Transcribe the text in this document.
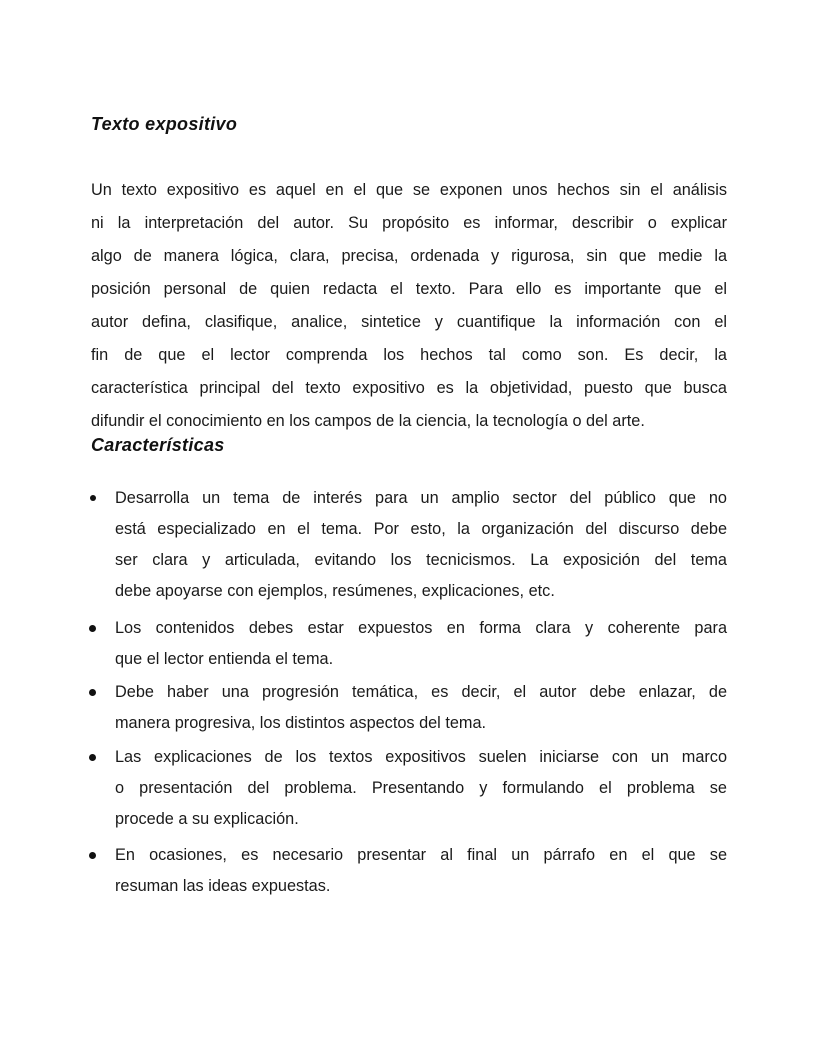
Texto expositivo

Un texto expositivo es aquel en el que se exponen unos hechos sin el análisis
ni la interpretación del autor. Su propósito es informar, describir o explicar
algo de manera lógica, clara, precisa, ordenada y rigurosa, sin que medie la
posición personal de quien redacta el texto. Para ello es importante que el
autor defina, clasifique, analice, sintetice y cuantifique la información con el
fin de que el lector comprenda los hechos tal como son. Es decir, la
característica principal del texto expositivo es la objetividad, puesto que busca
difundir el conocimiento en los campos de la ciencia, la tecnología o del arte.

Características
Desarrolla un tema de interés para un amplio sector del público que no
está especializado en el tema. Por esto, la organización del discurso debe
ser clara y articulada, evitando los tecnicismos. La exposición del tema
debe apoyarse con ejemplos, resúmenes, explicaciones, etc.
Los contenidos debes estar expuestos en forma clara y coherente para
que el lector entienda el tema.
Debe haber una progresión temática, es decir, el autor debe enlazar, de
manera progresiva, los distintos aspectos del tema.
Las explicaciones de los textos expositivos suelen iniciarse con un marco
o presentación del problema. Presentando y formulando el problema se
procede a su explicación.
En ocasiones, es necesario presentar al final un párrafo en el que se
resuman las ideas expuestas.
